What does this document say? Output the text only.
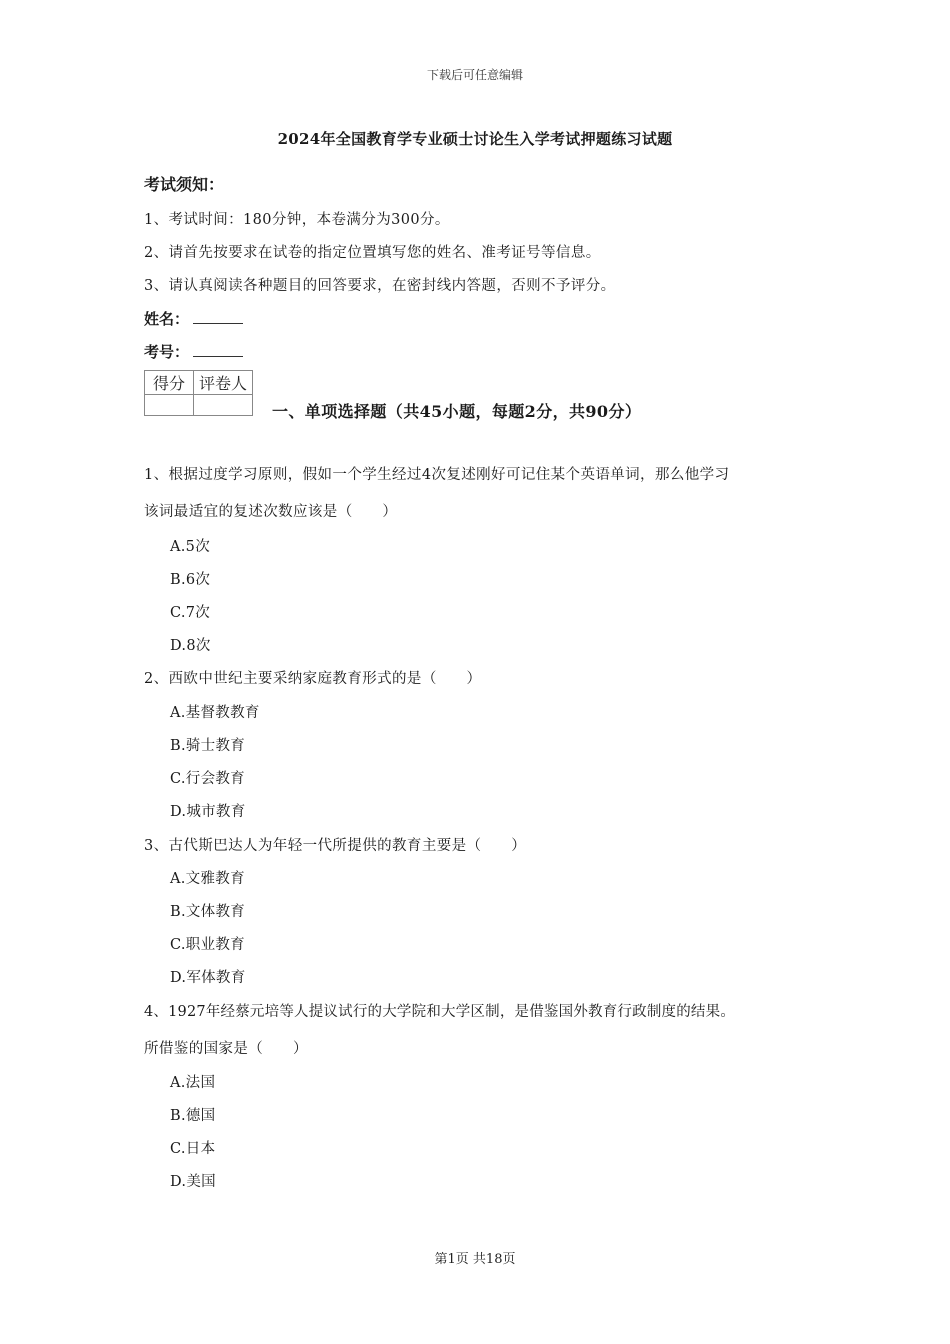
下载后可任意编辑
2024年全国教育学专业硕士讨论生入学考试押题练习试题
考试须知：
1、考试时间：180分钟，本卷满分为300分。
2、请首先按要求在试卷的指定位置填写您的姓名、准考证号等信息。
3、请认真阅读各种题目的回答要求，在密封线内答题，否则不予评分。
姓名：
考号：
得分	评卷人

一、单项选择题（共45小题，每题2分，共90分）
1、根据过度学习原则，假如一个学生经过4次复述刚好可记住某个英语单词，那么他学习
该词最适宜的复述次数应该是（　　）
A.5次
B.6次
C.7次
D.8次
2、西欧中世纪主要采纳家庭教育形式的是（　　）
A.基督教教育
B.骑士教育
C.行会教育
D.城市教育
3、古代斯巴达人为年轻一代所提供的教育主要是（　　）
A.文雅教育
B.文体教育
C.职业教育
D.军体教育
4、1927年经蔡元培等人提议试行的大学院和大学区制，是借鉴国外教育行政制度的结果。
所借鉴的国家是（　　）
A.法国
B.德国
C.日本
D.美国
第1页 共18页
